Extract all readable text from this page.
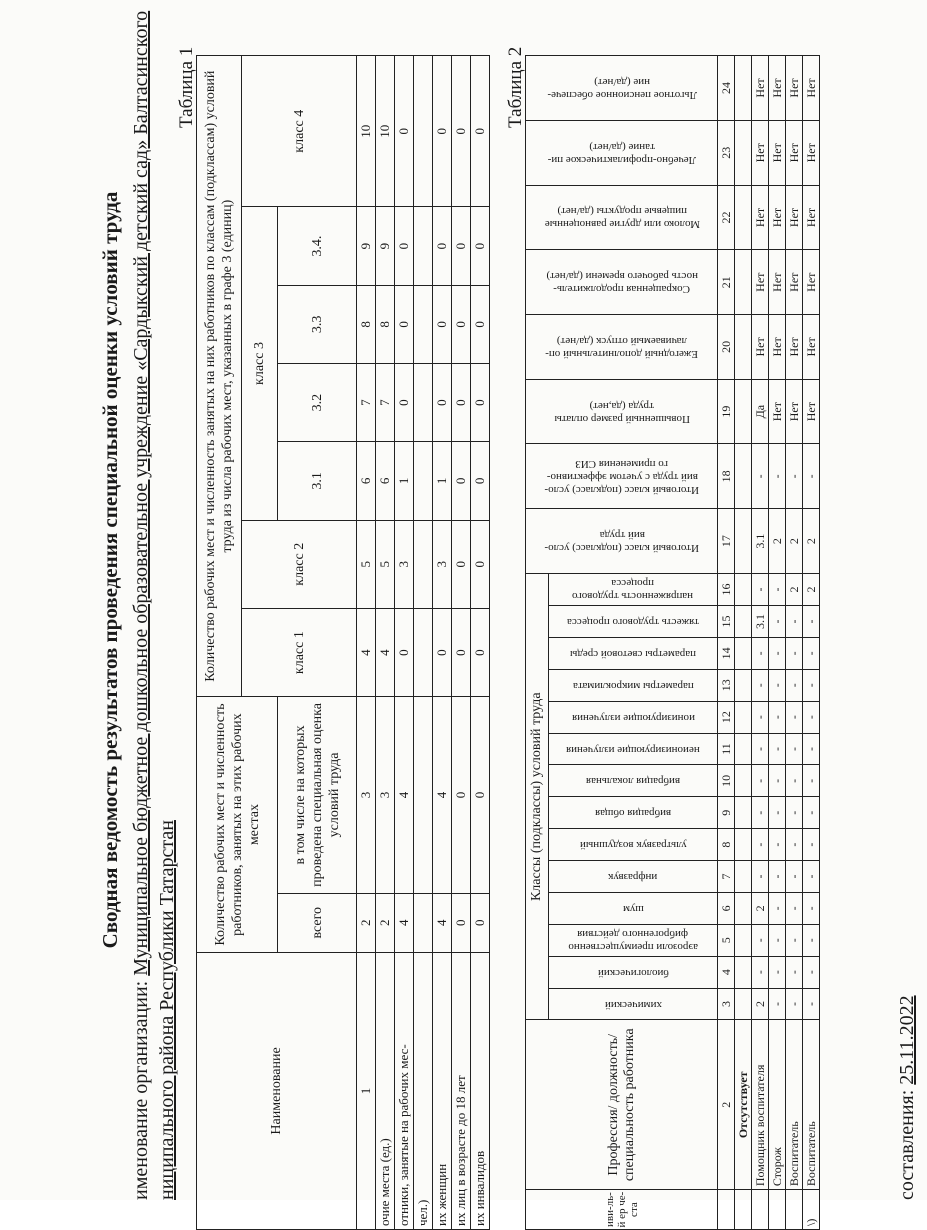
Сводная ведомость результатов проведения специальной оценки условий труда
именование организации: Муниципальное бюджетное дошкольное образовательное учреждение «Сардыкский детский сад» Балтасинского
ниципального района Республики Татарстан
Таблица 1
Наименование	Количество рабочих мест и численность работников, занятых на этих рабочих местах		Количество рабочих мест и численность занятых на них работников по классам (подклассам) условий труда из числа рабочих мест, указанных в графе 3 (единиц)						
			класс 1	класс 2	класс 3				класс 4
	всего	в том числе на которых проведена специальная оценка условий труда			3.1	3.2	3.3	3.4.	
1	2	3	4	5	6	7	8	9	10
очие места (ед.)	2	3	4	5	6	7	8	9	10
отники, занятые на рабочих мес-	4	4	0	3	1	0	0	0	0
чел.)									
их женщин	4	4	0	3	1	0	0	0	0
их лиц в возрасте до 18 лет	0	0	0	0	0	0	0	0	0
их инвалидов	0	0	0	0	0	0	0	0	0
Таблица 2
иви-ль-й ер че-ста	Профессия/ должность/ специальность работника	Классы (подклассы) условий труда														Итоговый класс (подкласс) усло-вий труда	Итоговый класс (подкласс) усло-вий труда с учетом эффективно-го применения СИЗ	Повышенный размер оплаты труда (да,нет)	Ежегодный дополнительный оп-лачиваемый отпуск (да/нет)	Сокращенная продолжитель-ность рабочего времени (да/нет)	Молоко или другие равноценные пищевые продукты (да/нет)	Лечебно-профилактическое пи-тание (да/нет)	Льготное пенсионное обеспече-ние (да/нет)

		химический	биологический	аэрозоли преимущественно фиброгенного действия	шум	инфразвук	ультразвук воздушный	вибрация общая	вибрация локальная	неионизирующие излучения	ионизирующие излучения	параметры микроклимата	параметры световой среды	тяжесть трудового процесса	напряженность трудового процесса								

	2	3	4	5	6	7	8	9	10	11	12	13	14	15	16	17	18	19	20	21	22	23	24
	Отсутствует																						
	Помощник воспитателя	2	-	-	2	-	-	-	-	-	-	-	-	3.1	-	3.1	-	Да	Нет	Нет	Нет	Нет	Нет
	Сторож	-	-	-	-	-	-	-	-	-	-	-	-	-	-	2	-	Нет	Нет	Нет	Нет	Нет	Нет
	Воспитатель	-	-	-	-	-	-	-	-	-	-	-	-	-	2	2	-	Нет	Нет	Нет	Нет	Нет	Нет
\)	Воспитатель	-	-	-	-	-	-	-	-	-	-	-	-	-	2	2	-	Нет	Нет	Нет	Нет	Нет	Нет
составления: 25.11.2022
